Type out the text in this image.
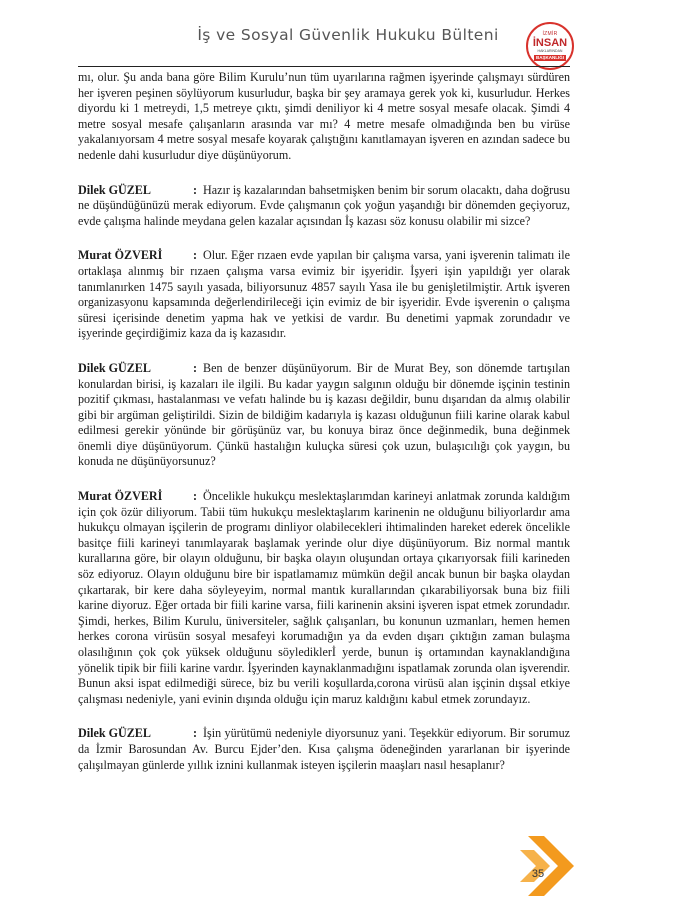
İş ve Sosyal Güvenlik Hukuku Bülteni	İZMİR
İNSAN
HAKLARINDAN
BAŞKANLIĞI

mı, olur. Şu anda bana göre Bilim Kurulu’nun tüm uyarılarına rağmen işyerinde çalışmayı sürdüren her işveren peşinen söylüyorum kusurludur, başka bir şey aramaya gerek yok ki, kusurludur. Herkes diyordu ki 1 metreydi, 1,5 metreye çıktı, şimdi deniliyor ki 4 metre sosyal mesafe olacak. Şimdi 4 metre sosyal mesafe çalışanların arasında var mı? 4 metre mesafe olmadığında ben bu virüse yakalanıyorsam 4 metre sosyal mesafe koyarak çalıştığını kanıtlamayan işveren en azından sadece bu nedenle dahi kusurludur diye düşünüyorum.

Dilek GÜZEL	: Hazır iş kazalarından bahsetmişken benim bir sorum olacaktı, daha doğrusu ne düşündüğünüzü merak ediyorum. Evde çalışmanın çok yoğun yaşandığı bir dönemden geçiyoruz, evde çalışma halinde meydana gelen kazalar açısından İş kazası söz konusu olabilir mi sizce?

Murat ÖZVERİ	: Olur. Eğer rızaen evde yapılan bir çalışma varsa, yani işverenin talimatı ile ortaklaşa alınmış bir rızaen çalışma varsa evimiz bir işyeridir. İşyeri işin yapıldığı yer olarak tanımlanırken 1475 sayılı yasada, biliyorsunuz 4857 sayılı Yasa ile bu genişletilmiştir. Artık işveren organizasyonu kapsamında değerlendirileceği için evimiz de bir işyeridir. Evde işverenin o çalışma süresi içerisinde denetim yapma hak ve yetkisi de vardır. Bu denetimi yapmak zorundadır ve işyerinde geçirdiğimiz kaza da iş kazasıdır.

Dilek GÜZEL	: Ben de benzer düşünüyorum. Bir de Murat Bey, son dönemde tartışılan konulardan birisi, iş kazaları ile ilgili. Bu kadar yaygın salgının olduğu bir dönemde işçinin testinin pozitif çıkması, hastalanması ve vefatı halinde bu iş kazası değildir, bunu dışarıdan da almış olabilir gibi bir argüman geliştirildi. Sizin de bildiğim kadarıyla iş kazası olduğunun fiili karine olarak kabul edilmesi gerekir yönünde bir görüşünüz var, bu konuya biraz önce değinmedik, buna değinmek önemli diye düşünüyorum. Çünkü hastalığın kuluçka süresi çok uzun, bulaşıcılığı çok yaygın, bu konuda ne düşünüyorsunuz?

Murat ÖZVERİ	: Öncelikle hukukçu meslektaşlarımdan karineyi anlatmak zorunda kaldığım için çok özür diliyorum. Tabii tüm hukukçu meslektaşlarım karinenin ne olduğunu biliyorlardır ama hukukçu olmayan işçilerin de programı dinliyor olabilecekleri ihtimalinden hareket ederek öncelikle basitçe fiili karineyi tanımlayarak başlamak yerinde olur diye düşünüyorum. Biz normal mantık kurallarına göre, bir olayın olduğunu, bir başka olayın oluşundan ortaya çıkarıyorsak fiili karineden söz ediyoruz. Olayın olduğunu bire bir ispatlamamız mümkün değil ancak bunun bir başka olaydan çıkartarak, bir kere daha söyleyeyim, normal mantık kurallarından çıkarabiliyorsak buna biz fiili karine diyoruz. Eğer ortada bir fiili karine varsa, fiili karinenin aksini işveren ispat etmek zorundadır. Şimdi, herkes, Bilim Kurulu, üniversiteler, sağlık çalışanları, bu konunun uzmanları, hemen hemen herkes corona virüsün sosyal mesafeyi korumadığın ya da evden dışarı çıktığın zaman bulaşma olasılığının çok çok yüksek olduğunu söylediklerİ yerde, bunun iş ortamından kaynaklandığına yönelik tipik bir fiili karine vardır. İşyerinden kaynaklanmadığını ispatlamak zorunda olan işverendir. Bunun aksi ispat edilmediği sürece, biz bu verili koşullarda,corona virüsü alan işçinin dışsal etkiye çalışması nedeniyle, yani evinin dışında olduğu için maruz kaldığını kabul etmek zorundayız.

Dilek GÜZEL	: İşin yürütümü nedeniyle diyorsunuz yani. Teşekkür ediyorum. Bir sorumuz da İzmir Barosundan Av. Burcu Ejder’den. Kısa çalışma ödeneğinden yararlanan bir işyerinde çalışılmayan günlerde yıllık iznini kullanmak isteyen işçilerin maaşları nasıl hesaplanır?

35
